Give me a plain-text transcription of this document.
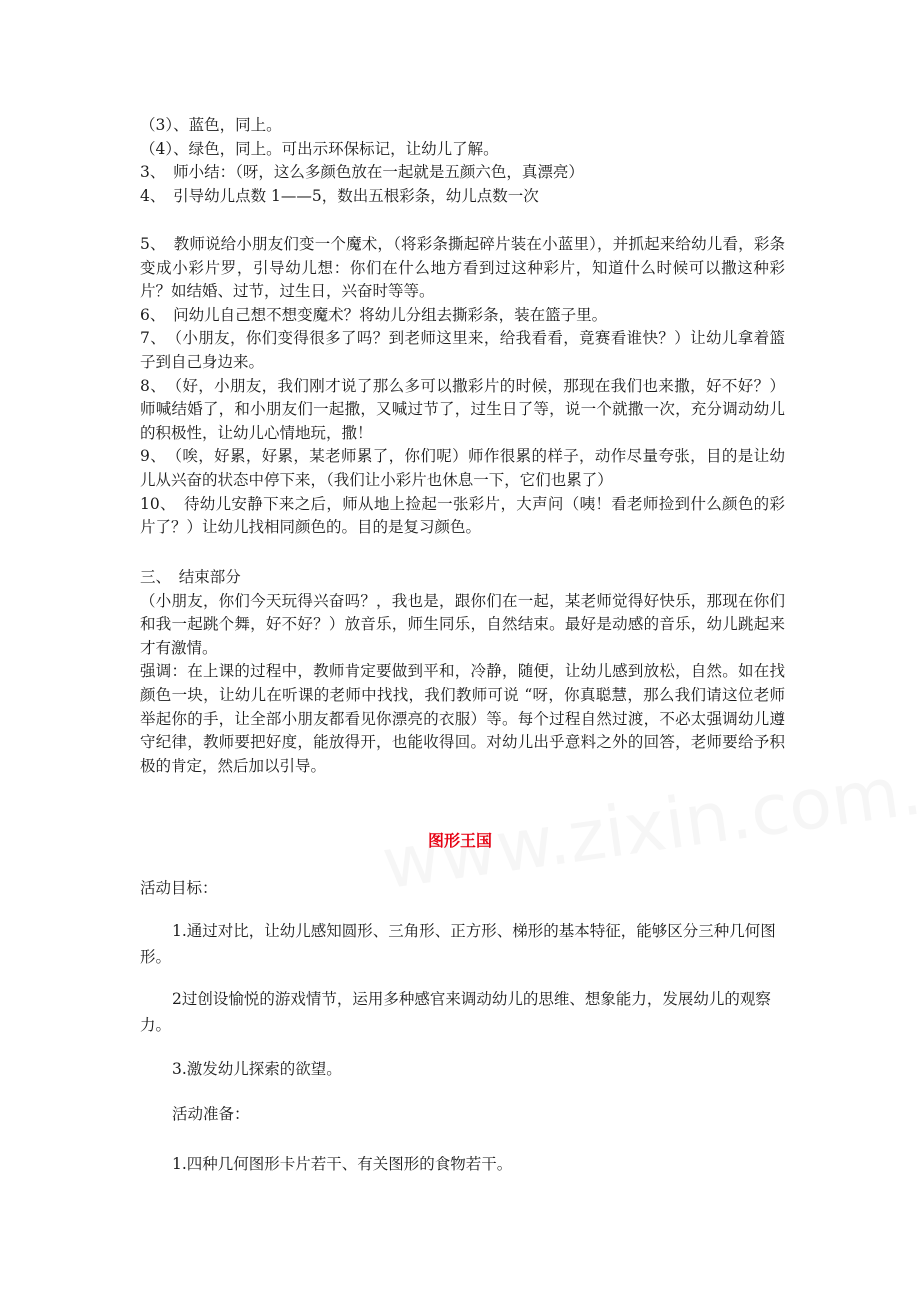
（3）、蓝色，同上。

（4）、绿色，同上。可出示环保标记，让幼儿了解。

3、　师小结：（呀，这么多颜色放在一起就是五颜六色，真漂亮）

4、　引导幼儿点数 1——5，数出五根彩条，幼儿点数一次

5、　教师说给小朋友们变一个魔术，（将彩条撕起碎片装在小蓝里），并抓起来给幼儿看，彩条变成小彩片罗，引导幼儿想：你们在什么地方看到过这种彩片，知道什么时候可以撒这种彩片？如结婚、过节，过生日，兴奋时等等。

6、　问幼儿自己想不想变魔术？将幼儿分组去撕彩条，装在篮子里。

7、　（小朋友，你们变得很多了吗？到老师这里来，给我看看，竟赛看谁快？）让幼儿拿着篮子到自己身边来。

8、　（好，小朋友，我们刚才说了那么多可以撒彩片的时候，那现在我们也来撒，好不好？）师喊结婚了，和小朋友们一起撒，又喊过节了，过生日了等，说一个就撒一次，充分调动幼儿的积极性，让幼儿心情地玩，撒！

9、　（唉，好累，好累，某老师累了，你们呢）师作很累的样子，动作尽量夸张，目的是让幼儿从兴奋的状态中停下来，（我们让小彩片也休息一下，它们也累了）

10、　待幼儿安静下来之后，师从地上捡起一张彩片，大声问（咦！看老师捡到什么颜色的彩片了？）让幼儿找相同颜色的。目的是复习颜色。

三、　结束部分

（小朋友，你们今天玩得兴奋吗？，我也是，跟你们在一起，某老师觉得好快乐，那现在你们和我一起跳个舞，好不好？）放音乐，师生同乐，自然结束。最好是动感的音乐，幼儿跳起来才有激情。

强调：在上课的过程中，教师肯定要做到平和，冷静，随便，让幼儿感到放松，自然。如在找颜色一块，让幼儿在听课的老师中找找，我们教师可说 “呀，你真聪慧，那么我们请这位老师举起你的手，让全部小朋友都看见你漂亮的衣服）等。每个过程自然过渡，不必太强调幼儿遵守纪律，教师要把好度，能放得开，也能收得回。对幼儿出乎意料之外的回答，老师要给予积极的肯定，然后加以引导。

图形王国

活动目标：

1.通过对比，让幼儿感知圆形、三角形、正方形、梯形的基本特征，能够区分三种几何图形。

2过创设愉悦的游戏情节，运用多种感官来调动幼儿的思维、想象能力，发展幼儿的观察力。

3.激发幼儿探索的欲望。

活动准备：

1.四种几何图形卡片若干、有关图形的食物若干。
